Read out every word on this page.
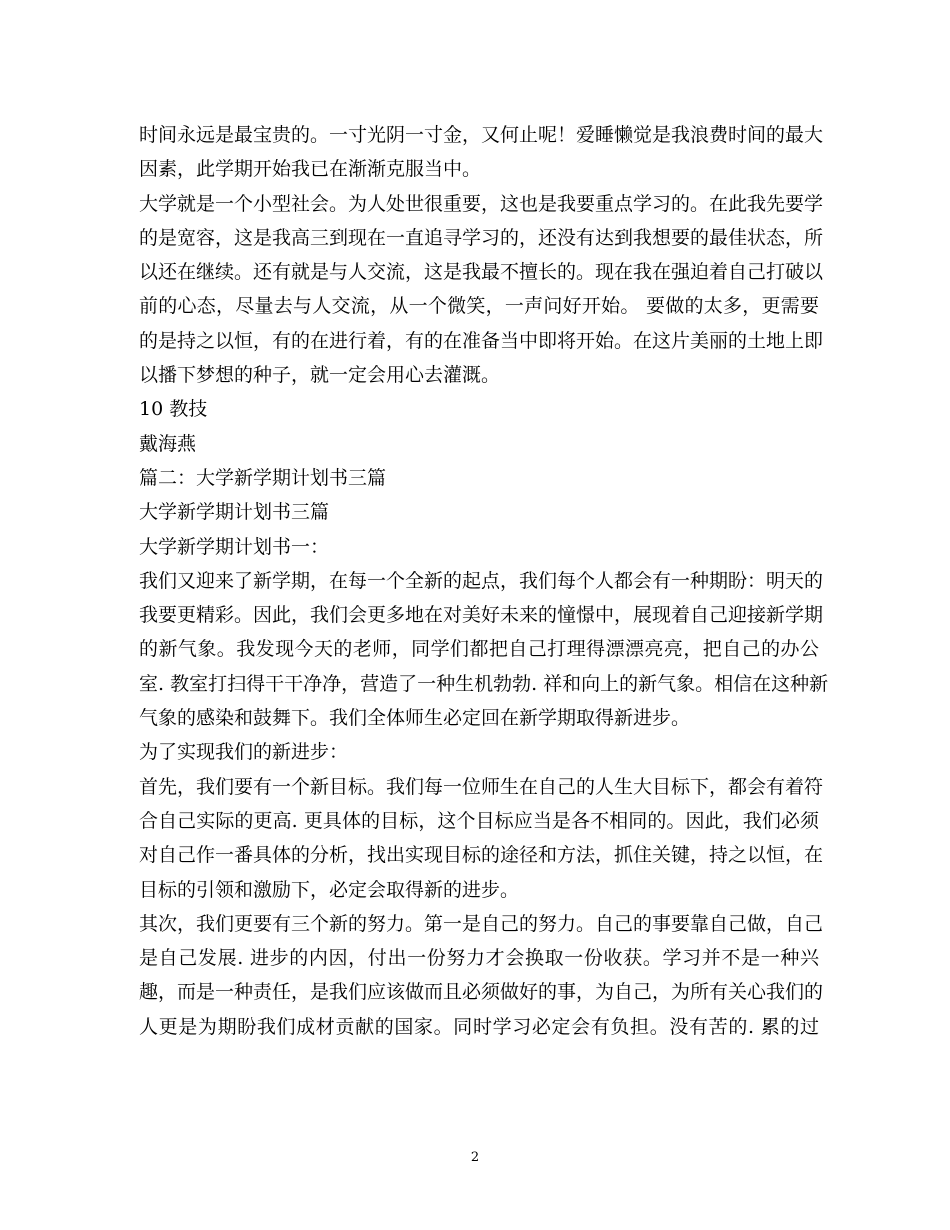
时间永远是最宝贵的。一寸光阴一寸金，又何止呢！爱睡懒觉是我浪费时间的最大
因素，此学期开始我已在渐渐克服当中。
大学就是一个小型社会。为人处世很重要，这也是我要重点学习的。在此我先要学
的是宽容，这是我高三到现在一直追寻学习的，还没有达到我想要的最佳状态，所
以还在继续。还有就是与人交流，这是我最不擅长的。现在我在强迫着自己打破以
前的心态，尽量去与人交流，从一个微笑，一声问好开始。 要做的太多，更需要
的是持之以恒，有的在进行着，有的在准备当中即将开始。在这片美丽的土地上即
以播下梦想的种子，就一定会用心去灌溉。
10 教技
戴海燕
篇二：大学新学期计划书三篇
大学新学期计划书三篇
大学新学期计划书一：
我们又迎来了新学期，在每一个全新的起点，我们每个人都会有一种期盼：明天的
我要更精彩。因此，我们会更多地在对美好未来的憧憬中，展现着自己迎接新学期
的新气象。我发现今天的老师，同学们都把自己打理得漂漂亮亮，把自己的办公
室. 教室打扫得干干净净，营造了一种生机勃勃. 祥和向上的新气象。相信在这种新
气象的感染和鼓舞下。我们全体师生必定回在新学期取得新进步。
为了实现我们的新进步：
首先，我们要有一个新目标。我们每一位师生在自己的人生大目标下，都会有着符
合自己实际的更高. 更具体的目标，这个目标应当是各不相同的。因此，我们必须
对自己作一番具体的分析，找出实现目标的途径和方法，抓住关键，持之以恒，在
目标的引领和激励下，必定会取得新的进步。
其次，我们更要有三个新的努力。第一是自己的努力。自己的事要靠自己做，自己
是自己发展. 进步的内因，付出一份努力才会换取一份收获。学习并不是一种兴
趣，而是一种责任，是我们应该做而且必须做好的事，为自己，为所有关心我们的
人更是为期盼我们成材贡献的国家。同时学习必定会有负担。没有苦的. 累的过
2
